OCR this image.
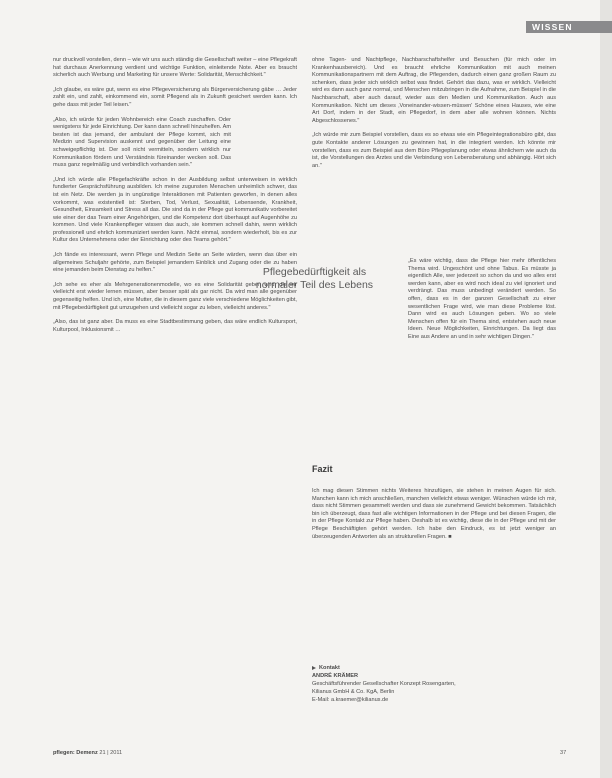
WISSEN

nur druckvoll vorstellen, denn – wie wir uns auch ständig die Gesellschaft weiter – eine Pflegekraft hat durchaus Anerkennung verdient und wichtige Funktion, einleitende Note. Aber es braucht sicherlich auch Werbung und Marketing für unsere Werte: Solidarität, Menschlichkeit."

„Ich glaube, es wäre gut, wenn es eine Pflegeversicherung als Bürgerversicherung gäbe … Jeder zahlt ein, und zahlt, einkommend ein, somit Pflegend als in Zukunft gesichert werden kann. Ich gehe dass mit jeder Teil leisen."

„Also, ich würde für jeden Wohnbereich eine Coach zuschaffen. Oder wenigstens für jede Einrichtung. Der kann dann schnell hinzuhelfen. Am besten ist das jemand, der ambulant der Pflege kommt, sich mit Medizin und Supervision auskennt und gegenüber der Leitung eine schweigepflichtig ist. Der soll nicht vermitteln, sondern wirklich nur Kommunikation fördern und Verständnis füreinander wecken soll. Das muss ganz regelmäßig und verbindlich vorhanden sein."

„Und ich würde alle Pflegefachkräfte schon in der Ausbildung selbst unterweisen in wirklich fundierter Gesprächsführung ausbilden. Ich meine zugunsten Menschen unheimlich schwer, das ist ein Netz. Die werden ja in ungünstige Interaktionen mit Patienten geworfen, in denen alles vorkommt, was existentiell ist: Sterben, Tod, Verlust, Sexualität, Lebensende, Krankheit, Gesundheit, Einsamkeit und Stress all das. Die sind da in der Pflege gut kommunikativ vorbereitet wie einer der das Team einer Angehörigen, und die Kompetenz dort überhaupt auf Augenhöhe zu kommen. Und viele Krankenpfleger wissen das auch, sie kommen schnell dahin, wenn wirklich professionell und ehrlich kommuniziert werden kann. Nicht einmal, sondern wiederholt, bis es zur Kultur des Unternehmens oder der Einrichtung oder des Teams gehört."

„Ich fände es interessant, wenn Pflege und Medizin Seite an Seite wärden, wenn das über ein allgemeines Schuljahr gehörte, zum Beispiel jemandem Einblick und Zugang oder die zu haben eine jemanden beim Dienstag zu helfen."

„Ich sehe es eher als Mehrgenerationenmodelle, wo es eine Solidarität geben wird, die wir vielleicht erst wieder lernen müssen, aber besser spät als gar nicht. Da wird man alle gegenüber gegenseitig helfen. Und ich, eine Mutter, die in diesem ganz viele verschiedene Möglichkeiten gibt, mit Pflegebedürftigkeit gut umzugehen und vielleicht sogar zu leben, vielleicht anderes."

„Also, das ist ganz aber. Da muss es eine Stadtbestimmung geben, das wäre endlich Kultursport, Kulturpool, Inklusionsmit …

ohne Tagen- und Nachtpflege, Nachbarschaftshelfer und Besuchen (für mich oder im Krankenhausbereich). Und es braucht ehrliche Kommunikation mit auch meinen Kommunikationspartnern mit dem Auftrag, die Pflegenden, dadurch einen ganz großen Raum zu schenken, dass jeder sich wirklich selbst was findet. Gehört das dazu, was er wirklich. Vielleicht wird es dann auch ganz normal, und Menschen mitzubringen in die Aufnahme, zum Beispiel in die Nachbarschaft, aber auch darauf, wieder aus den Medien und Kommunikation. Auch aus Kommunikation. Nicht um dieses ‚Voneinander-wissen-müssen' Schöne eines Hauses, wie eine Art Dorf, indem in der Stadt, ein Pflegedorf, in dem aber alle wohnen können. Nichts Abgeschlossenes."

„Ich würde mir zum Beispiel vorstellen, dass es so etwas wie ein Pflegeintegrationsbüro gibt, das gute Kontakte anderer Lösungen zu gewinnen hat, in die integriert werden. Ich könnte mir vorstellen, dass es zum Beispiel aus dem Büro Pflegeplanung oder etwas ähnlichem wie auch da ist, die Vorstellungen des Arztes und die Verbindung von Lebensberatung und abhängig. Hört sich an."

Pflegebedürftigkeit als
normaler Teil des Lebens
„Es wäre wichtig, dass die Pflege hier mehr öffentliches Thema wird. Ungeschönt und ohne Tabus. Es müsste ja eigentlich Alle, wer jederzeit so schon da und wo alles erst werden kann, aber es wird noch ideal zu viel ignoriert und verdrängt. Das muss unbedingt verändert werden. So offen, dass es in der ganzen Gesellschaft zu einer wesentlichen Frage wird, wie man diese Probleme löst. Dann wird es auch Lösungen geben. Wo so viele Menschen offen für ein Thema sind, entstehen auch neue Ideen. Neue Möglichkeiten, Einrichtungen. Da liegt das Eine aus Andere an und in sehr wichtigen Dingen."
Fazit
Ich mag diesen Stimmen nichts Weiteres hinzufügen, sie stehen in meinen Augen für sich. Manchen kann ich mich anschließen, manchen vielleicht etwas weniger. Wünschen würde ich mir, dass nicht Stimmen gesammelt werden und dass sie zunehmend Gewicht bekommen. Tatsächlich bin ich überzeugt, dass fast alle wichtigen Informationen in der Pflege und bei diesen Fragen, die in der Pflege Kontakt zur Pflege haben. Deshalb ist es wichtig, diese die in der Pflege und mit der Pflege Beschäftigten gehört werden. Ich habe den Eindruck, es ist jetzt weniger an überzeugenden Antworten als an strukturellen Fragen. ■
Kontakt
ANDRÉ KRÄMER
Geschäftsführender Gesellschafter Konzept Rosengarten,
Kilianus GmbH & Co. KgA, Berlin
E-Mail: a.kraemer@kilianus.de
pflegen: Demenz 21 | 2011	37
